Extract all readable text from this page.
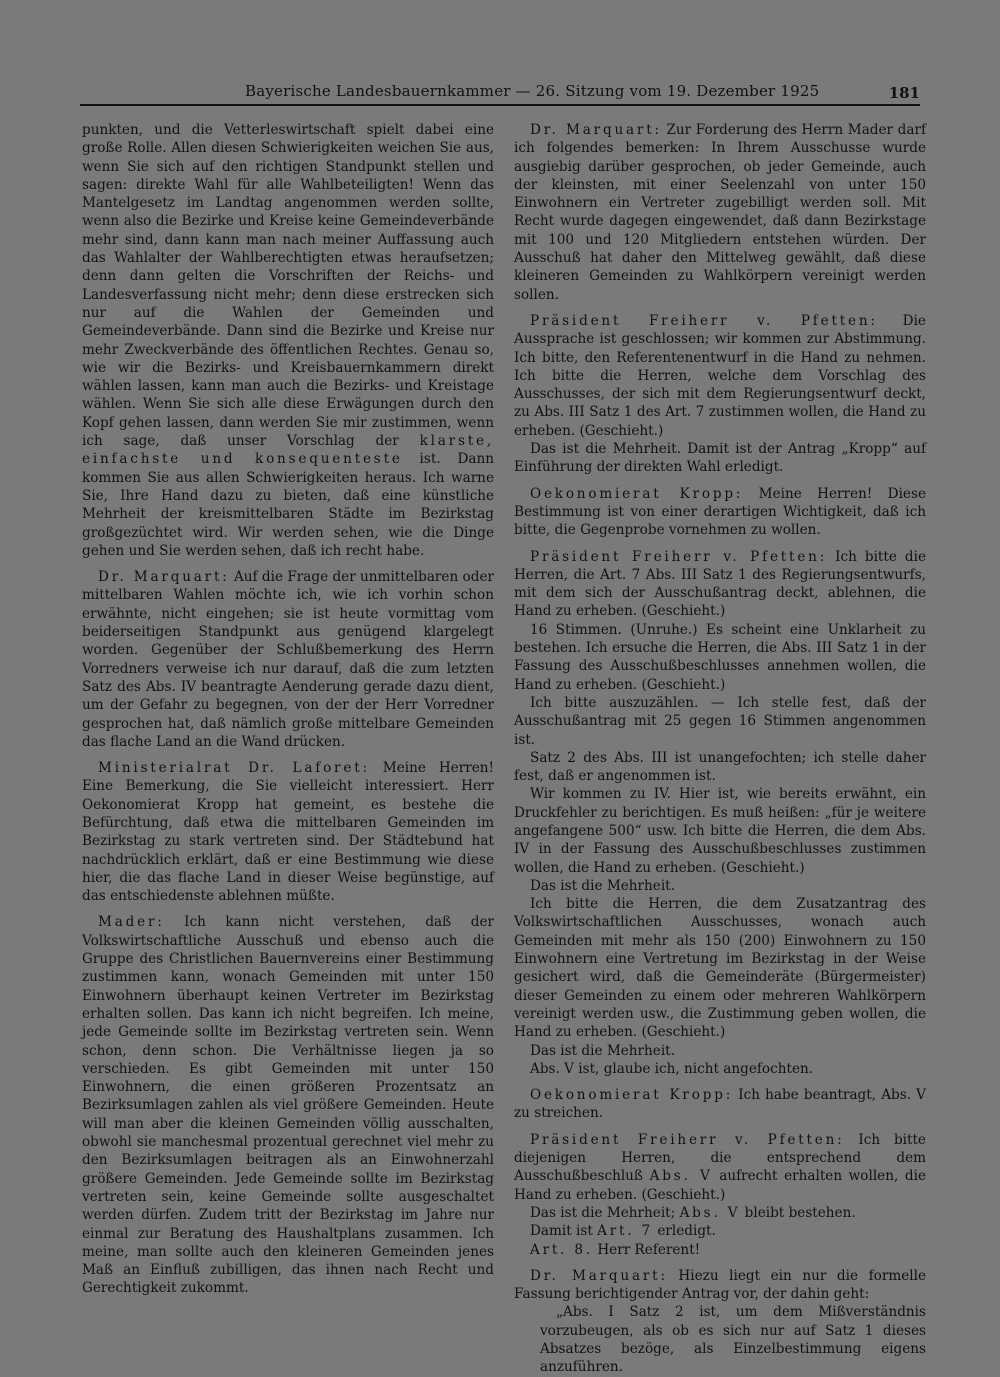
Bayerische Landesbauernkammer — 26. Sitzung vom 19. Dezember 1925	181

punkten, und die Vetterleswirtschaft spielt dabei eine große Rolle. Allen diesen Schwierigkeiten weichen Sie aus, wenn Sie sich auf den richtigen Standpunkt stellen und sagen: direkte Wahl für alle Wahlbeteiligten! Wenn das Mantelgesetz im Landtag angenommen werden sollte, wenn also die Bezirke und Kreise keine Gemeindeverbände mehr sind, dann kann man nach meiner Auffassung auch das Wahlalter der Wahlberechtigten etwas heraufsetzen; denn dann gelten die Vorschriften der Reichs- und Landesverfassung nicht mehr; denn diese erstrecken sich nur auf die Wahlen der Gemeinden und Gemeindeverbände. Dann sind die Bezirke und Kreise nur mehr Zweckverbände des öffentlichen Rechtes. Genau so, wie wir die Bezirks- und Kreisbauernkammern direkt wählen lassen, kann man auch die Bezirks- und Kreistage wählen. Wenn Sie sich alle diese Erwägungen durch den Kopf gehen lassen, dann werden Sie mir zustimmen, wenn ich sage, daß unser Vorschlag der klarste, einfachste und konsequenteste ist. Dann kommen Sie aus allen Schwierigkeiten heraus. Ich warne Sie, Ihre Hand dazu zu bieten, daß eine künstliche Mehrheit der kreismittelbaren Städte im Bezirkstag großgezüchtet wird. Wir werden sehen, wie die Dinge gehen und Sie werden sehen, daß ich recht habe.

Dr. Marquart: Auf die Frage der unmittelbaren oder mittelbaren Wahlen möchte ich, wie ich vorhin schon erwähnte, nicht eingehen; sie ist heute vormittag vom beiderseitigen Standpunkt aus genügend klargelegt worden. Gegenüber der Schlußbemerkung des Herrn Vorredners verweise ich nur darauf, daß die zum letzten Satz des Abs. IV beantragte Aenderung gerade dazu dient, um der Gefahr zu begegnen, von der der Herr Vorredner gesprochen hat, daß nämlich große mittelbare Gemeinden das flache Land an die Wand drücken.

Ministerialrat Dr. Laforet: Meine Herren! Eine Bemerkung, die Sie vielleicht interessiert. Herr Oekonomierat Kropp hat gemeint, es bestehe die Befürchtung, daß etwa die mittelbaren Gemeinden im Bezirkstag zu stark vertreten sind. Der Städtebund hat nachdrücklich erklärt, daß er eine Bestimmung wie diese hier, die das flache Land in dieser Weise begünstige, auf das entschiedenste ablehnen müßte.

Mader: Ich kann nicht verstehen, daß der Volkswirtschaftliche Ausschuß und ebenso auch die Gruppe des Christlichen Bauernvereins einer Bestimmung zustimmen kann, wonach Gemeinden mit unter 150 Einwohnern überhaupt keinen Vertreter im Bezirkstag erhalten sollen. Das kann ich nicht begreifen. Ich meine, jede Gemeinde sollte im Bezirkstag vertreten sein. Wenn schon, denn schon. Die Verhältnisse liegen ja so verschieden. Es gibt Gemeinden mit unter 150 Einwohnern, die einen größeren Prozentsatz an Bezirksumlagen zahlen als viel größere Gemeinden. Heute will man aber die kleinen Gemeinden völlig ausschalten, obwohl sie manchesmal prozentual gerechnet viel mehr zu den Bezirksumlagen beitragen als an Einwohnerzahl größere Gemeinden. Jede Gemeinde sollte im Bezirkstag vertreten sein, keine Gemeinde sollte ausgeschaltet werden dürfen. Zudem tritt der Bezirkstag im Jahre nur einmal zur Beratung des Haushaltplans zusammen. Ich meine, man sollte auch den kleineren Gemeinden jenes Maß an Einfluß zubilligen, das ihnen nach Recht und Gerechtigkeit zukommt.

Dr. Marquart: Zur Forderung des Herrn Mader darf ich folgendes bemerken: In Ihrem Ausschusse wurde ausgiebig darüber gesprochen, ob jeder Gemeinde, auch der kleinsten, mit einer Seelenzahl von unter 150 Einwohnern ein Vertreter zugebilligt werden soll. Mit Recht wurde dagegen eingewendet, daß dann Bezirkstage mit 100 und 120 Mitgliedern entstehen würden. Der Ausschuß hat daher den Mittelweg gewählt, daß diese kleineren Gemeinden zu Wahlkörpern vereinigt werden sollen.

Präsident Freiherr v. Pfetten: Die Aussprache ist geschlossen; wir kommen zur Abstimmung. Ich bitte, den Referentenentwurf in die Hand zu nehmen. Ich bitte die Herren, welche dem Vorschlag des Ausschusses, der sich mit dem Regierungsentwurf deckt, zu Abs. III Satz 1 des Art. 7 zustimmen wollen, die Hand zu erheben. (Geschieht.)

Das ist die Mehrheit. Damit ist der Antrag „Kropp“ auf Einführung der direkten Wahl erledigt.

Oekonomierat Kropp: Meine Herren! Diese Bestimmung ist von einer derartigen Wichtigkeit, daß ich bitte, die Gegenprobe vornehmen zu wollen.

Präsident Freiherr v. Pfetten: Ich bitte die Herren, die Art. 7 Abs. III Satz 1 des Regierungsentwurfs, mit dem sich der Ausschußantrag deckt, ablehnen, die Hand zu erheben. (Geschieht.)

16 Stimmen. (Unruhe.) Es scheint eine Unklarheit zu bestehen. Ich ersuche die Herren, die Abs. III Satz 1 in der Fassung des Ausschußbeschlusses annehmen wollen, die Hand zu erheben. (Geschieht.)

Ich bitte auszuzählen. — Ich stelle fest, daß der Ausschußantrag mit 25 gegen 16 Stimmen angenommen ist.

Satz 2 des Abs. III ist unangefochten; ich stelle daher fest, daß er angenommen ist.

Wir kommen zu IV. Hier ist, wie bereits erwähnt, ein Druckfehler zu berichtigen. Es muß heißen: „für je weitere angefangene 500“ usw. Ich bitte die Herren, die dem Abs. IV in der Fassung des Ausschußbeschlusses zustimmen wollen, die Hand zu erheben. (Geschieht.)

Das ist die Mehrheit.

Ich bitte die Herren, die dem Zusatzantrag des Volkswirtschaftlichen Ausschusses, wonach auch Gemeinden mit mehr als 150 (200) Einwohnern zu 150 Einwohnern eine Vertretung im Bezirkstag in der Weise gesichert wird, daß die Gemeinderäte (Bürgermeister) dieser Gemeinden zu einem oder mehreren Wahlkörpern vereinigt werden usw., die Zustimmung geben wollen, die Hand zu erheben. (Geschieht.)

Das ist die Mehrheit.

Abs. V ist, glaube ich, nicht angefochten.

Oekonomierat Kropp: Ich habe beantragt, Abs. V zu streichen.

Präsident Freiherr v. Pfetten: Ich bitte diejenigen Herren, die entsprechend dem Ausschußbeschluß Abs. V aufrecht erhalten wollen, die Hand zu erheben. (Geschieht.)

Das ist die Mehrheit; Abs. V bleibt bestehen.

Damit ist Art. 7 erledigt.

Art. 8. Herr Referent!

Dr. Marquart: Hiezu liegt ein nur die formelle Fassung berichtigender Antrag vor, der dahin geht:

„Abs. I Satz 2 ist, um dem Mißverständnis vorzubeugen, als ob es sich nur auf Satz 1 dieses Absatzes bezöge, als Einzelbestimmung eigens anzuführen.
